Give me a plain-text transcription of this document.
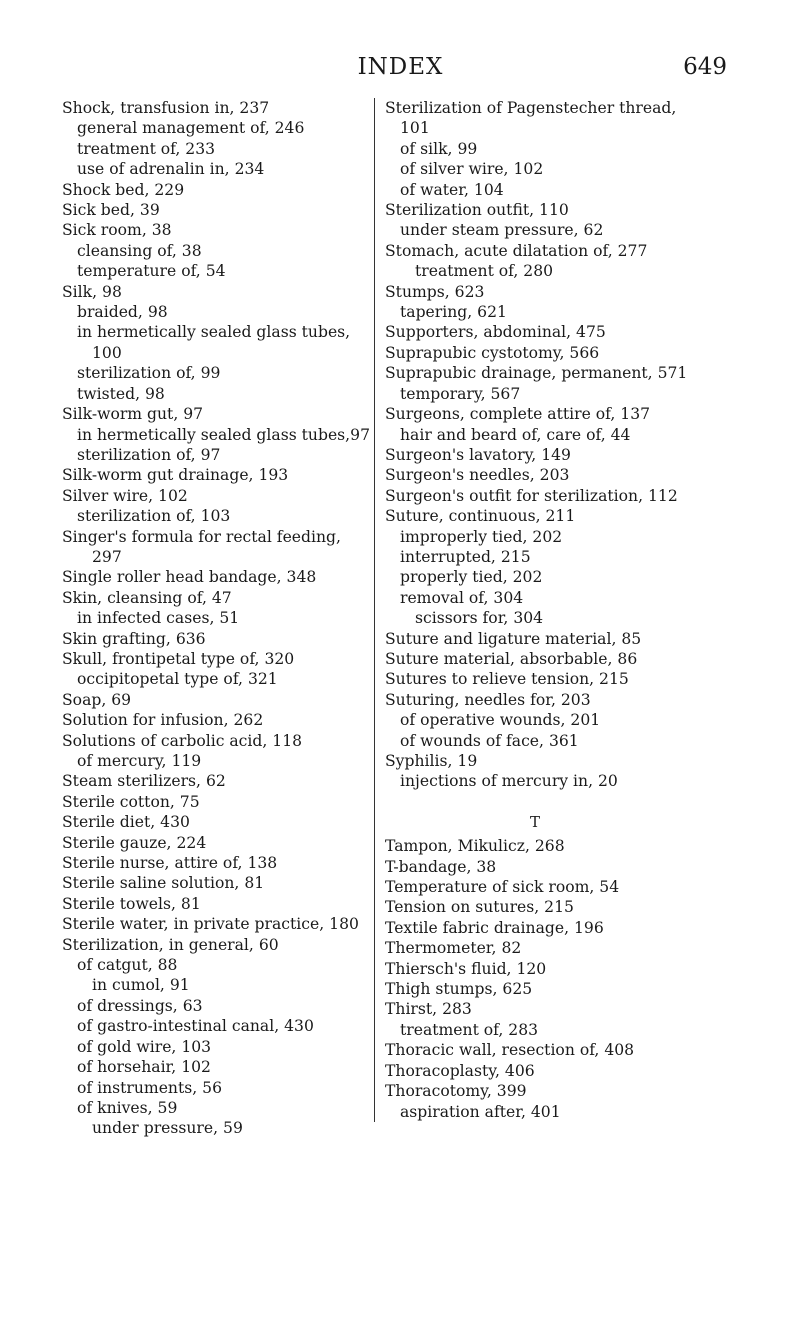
INDEX	649
Shock, transfusion in, 237
general management of, 246
treatment of, 233
use of adrenalin in, 234
Shock bed, 229
Sick bed, 39
Sick room, 38
cleansing of, 38
temperature of, 54
Silk, 98
braided, 98
in hermetically sealed glass tubes,
100
sterilization of, 99
twisted, 98
Silk-worm gut, 97
in hermetically sealed glass tubes,97
sterilization of, 97
Silk-worm gut drainage, 193
Silver wire, 102
sterilization of, 103
Singer's formula for rectal feeding,
297
Single roller head bandage, 348
Skin, cleansing of, 47
in infected cases, 51
Skin grafting, 636
Skull, frontipetal type of, 320
occipitopetal type of, 321
Soap, 69
Solution for infusion, 262
Solutions of carbolic acid, 118
of mercury, 119
Steam sterilizers, 62
Sterile cotton, 75
Sterile diet, 430
Sterile gauze, 224
Sterile nurse, attire of, 138
Sterile saline solution, 81
Sterile towels, 81
Sterile water, in private practice, 180
Sterilization, in general, 60
of catgut, 88
in cumol, 91
of dressings, 63
of gastro-intestinal canal, 430
of gold wire, 103
of horsehair, 102
of instruments, 56
of knives, 59
under pressure, 59
Sterilization of Pagenstecher thread,
101
of silk, 99
of silver wire, 102
of water, 104
Sterilization outfit, 110
under steam pressure, 62
Stomach, acute dilatation of, 277
treatment of, 280
Stumps, 623
tapering, 621
Supporters, abdominal, 475
Suprapubic cystotomy, 566
Suprapubic drainage, permanent, 571
temporary, 567
Surgeons, complete attire of, 137
hair and beard of, care of, 44
Surgeon's lavatory, 149
Surgeon's needles, 203
Surgeon's outfit for sterilization, 112
Suture, continuous, 211
improperly tied, 202
interrupted, 215
properly tied, 202
removal of, 304
scissors for, 304
Suture and ligature material, 85
Suture material, absorbable, 86
Sutures to relieve tension, 215
Suturing, needles for, 203
of operative wounds, 201
of wounds of face, 361
Syphilis, 19
injections of mercury in, 20
T
Tampon, Mikulicz, 268
T-bandage, 38
Temperature of sick room, 54
Tension on sutures, 215
Textile fabric drainage, 196
Thermometer, 82
Thiersch's fluid, 120
Thigh stumps, 625
Thirst, 283
treatment of, 283
Thoracic wall, resection of, 408
Thoracoplasty, 406
Thoracotomy, 399
aspiration after, 401
